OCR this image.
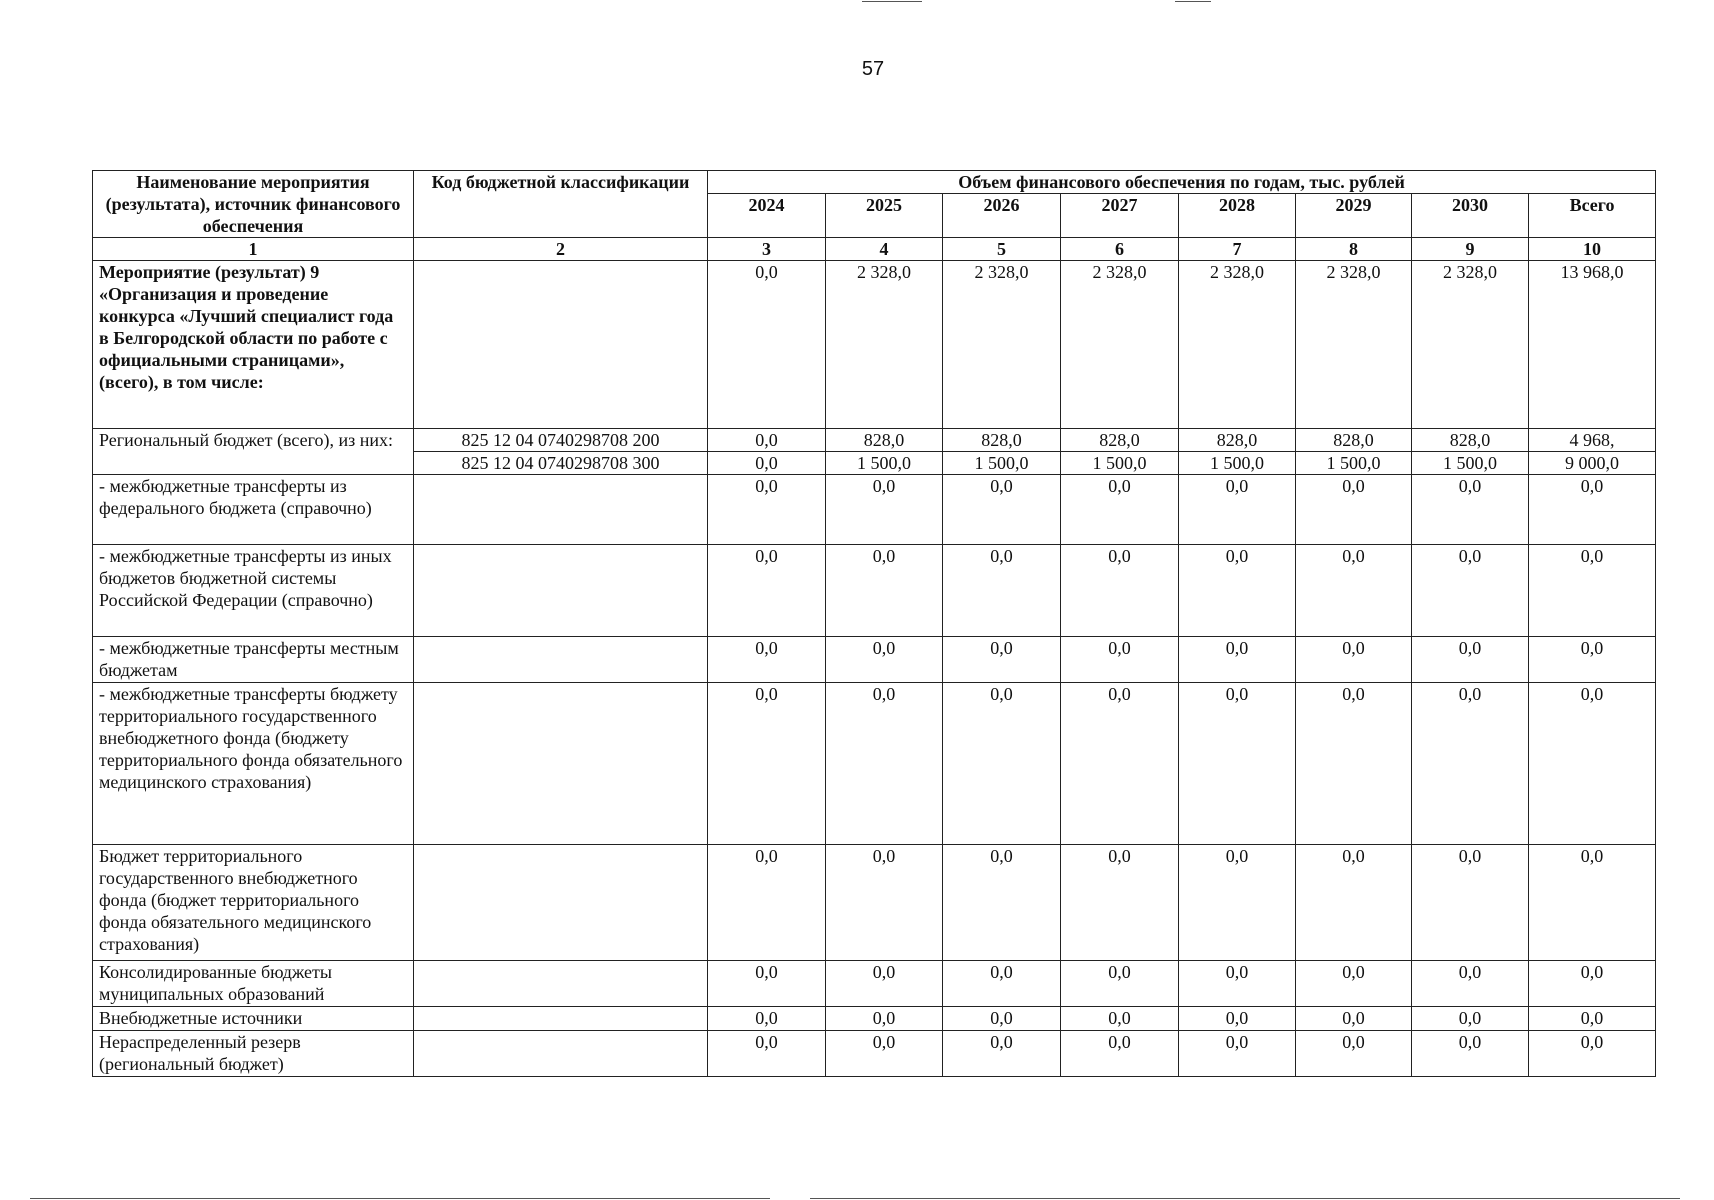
57
Наименование мероприятия (результата), источник финансового обеспечения	Код бюджетной классификации	Объем финансового обеспечения по годам, тыс. рублей							
		2024	2025	2026	2027	2028	2029	2030	Всего
1	2	3	4	5	6	7	8	9	10
Мероприятие (результат) 9 «Организация и проведение конкурса «Лучший специалист года в Белгородской области по работе с официальными страницами», (всего), в том числе:		0,0	2 328,0	2 328,0	2 328,0	2 328,0	2 328,0	2 328,0	13 968,0
Региональный бюджет (всего), из них:	825 12 04 0740298708 200	0,0	828,0	828,0	828,0	828,0	828,0	828,0	4 968,
	825 12 04 0740298708 300	0,0	1 500,0	1 500,0	1 500,0	1 500,0	1 500,0	1 500,0	9 000,0
- межбюджетные трансферты из федерального бюджета (справочно)		0,0	0,0	0,0	0,0	0,0	0,0	0,0	0,0
- межбюджетные трансферты из иных бюджетов бюджетной системы Российской Федерации (справочно)		0,0	0,0	0,0	0,0	0,0	0,0	0,0	0,0
- межбюджетные трансферты местным бюджетам		0,0	0,0	0,0	0,0	0,0	0,0	0,0	0,0
- межбюджетные трансферты бюджету территориального государственного внебюджетного фонда (бюджету территориального фонда обязательного медицинского страхования)		0,0	0,0	0,0	0,0	0,0	0,0	0,0	0,0
Бюджет территориального государственного внебюджетного фонда (бюджет территориального фонда обязательного медицинского страхования)		0,0	0,0	0,0	0,0	0,0	0,0	0,0	0,0
Консолидированные бюджеты муниципальных образований		0,0	0,0	0,0	0,0	0,0	0,0	0,0	0,0
Внебюджетные источники		0,0	0,0	0,0	0,0	0,0	0,0	0,0	0,0
Нераспределенный резерв (региональный бюджет)		0,0	0,0	0,0	0,0	0,0	0,0	0,0	0,0
